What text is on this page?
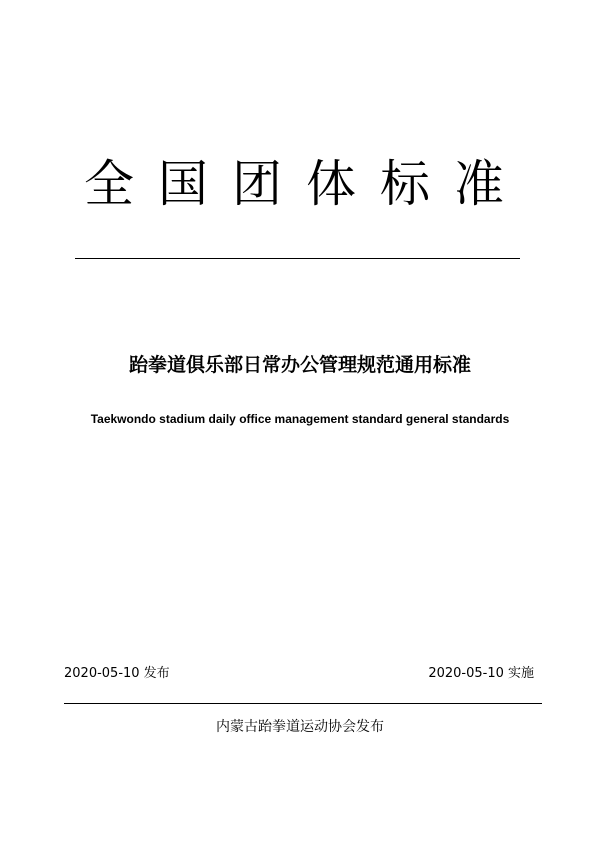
全国团体标准
跆拳道俱乐部日常办公管理规范通用标准
Taekwondo stadium daily office management standard general standards
2020-05-10 发布	2020-05-10 实施
内蒙古跆拳道运动协会发布
